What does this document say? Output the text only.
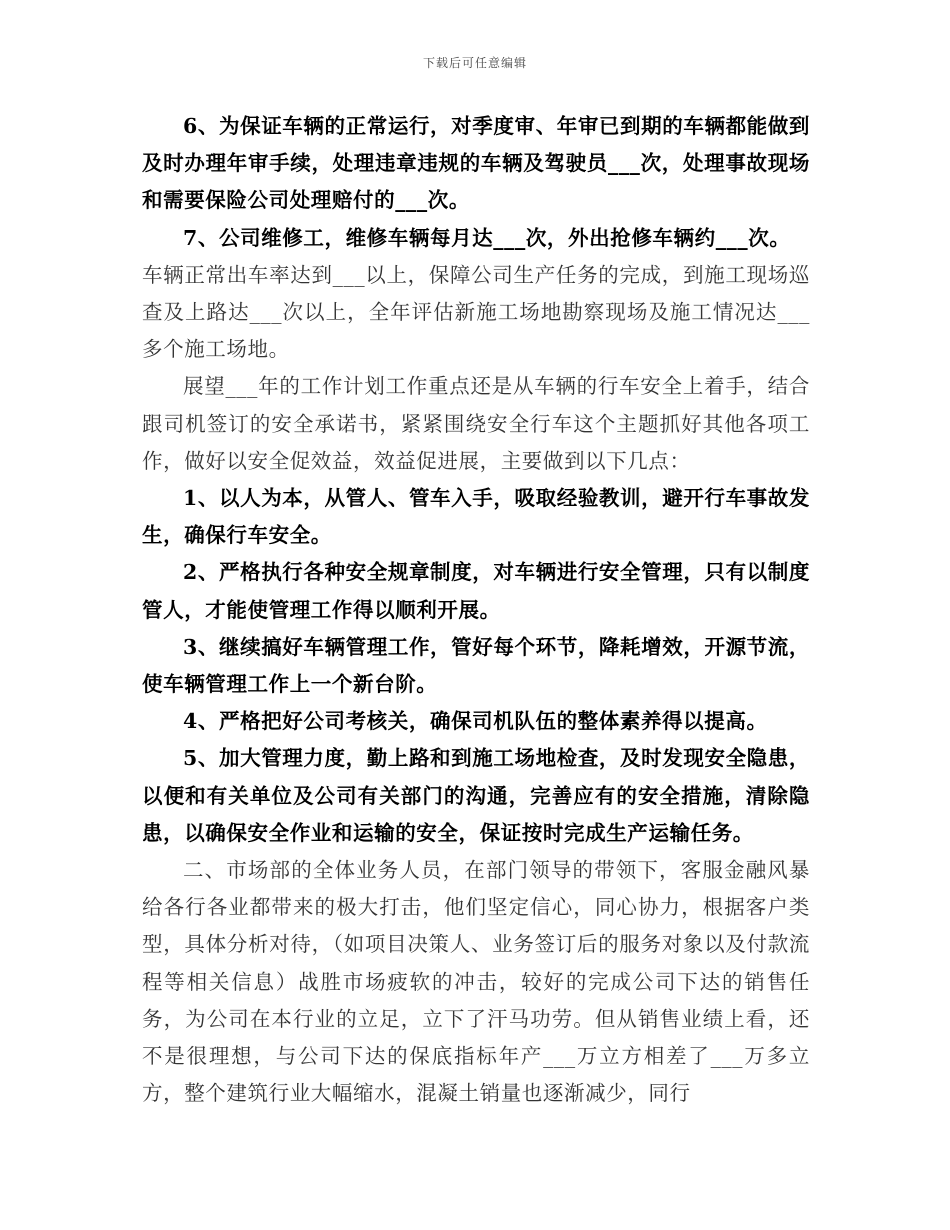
下载后可任意编辑

6、为保证车辆的正常运行，对季度审、年审已到期的车辆都能做到及时办理年审手续，处理违章违规的车辆及驾驶员___次，处理事故现场和需要保险公司处理赔付的___次。

7、公司维修工，维修车辆每月达___次，外出抢修车辆约___次。

车辆正常出车率达到___以上，保障公司生产任务的完成，到施工现场巡查及上路达___次以上，全年评估新施工场地勘察现场及施工情况达___多个施工场地。

展望___年的工作计划工作重点还是从车辆的行车安全上着手，结合跟司机签订的安全承诺书，紧紧围绕安全行车这个主题抓好其他各项工作，做好以安全促效益，效益促进展，主要做到以下几点：

1、以人为本，从管人、管车入手，吸取经验教训，避开行车事故发生，确保行车安全。

2、严格执行各种安全规章制度，对车辆进行安全管理，只有以制度管人，才能使管理工作得以顺利开展。

3、继续搞好车辆管理工作，管好每个环节，降耗增效，开源节流，使车辆管理工作上一个新台阶。

4、严格把好公司考核关，确保司机队伍的整体素养得以提高。

5、加大管理力度，勤上路和到施工场地检查，及时发现安全隐患，以便和有关单位及公司有关部门的沟通，完善应有的安全措施，清除隐患，以确保安全作业和运输的安全，保证按时完成生产运输任务。

二、市场部的全体业务人员，在部门领导的带领下，客服金融风暴给各行各业都带来的极大打击，他们坚定信心，同心协力，根据客户类型，具体分析对待，（如项目决策人、业务签订后的服务对象以及付款流程等相关信息）战胜市场疲软的冲击，较好的完成公司下达的销售任务，为公司在本行业的立足，立下了汗马功劳。但从销售业绩上看，还不是很理想，与公司下达的保底指标年产___万立方相差了___万多立方，整个建筑行业大幅缩水，混凝土销量也逐渐减少，同行
